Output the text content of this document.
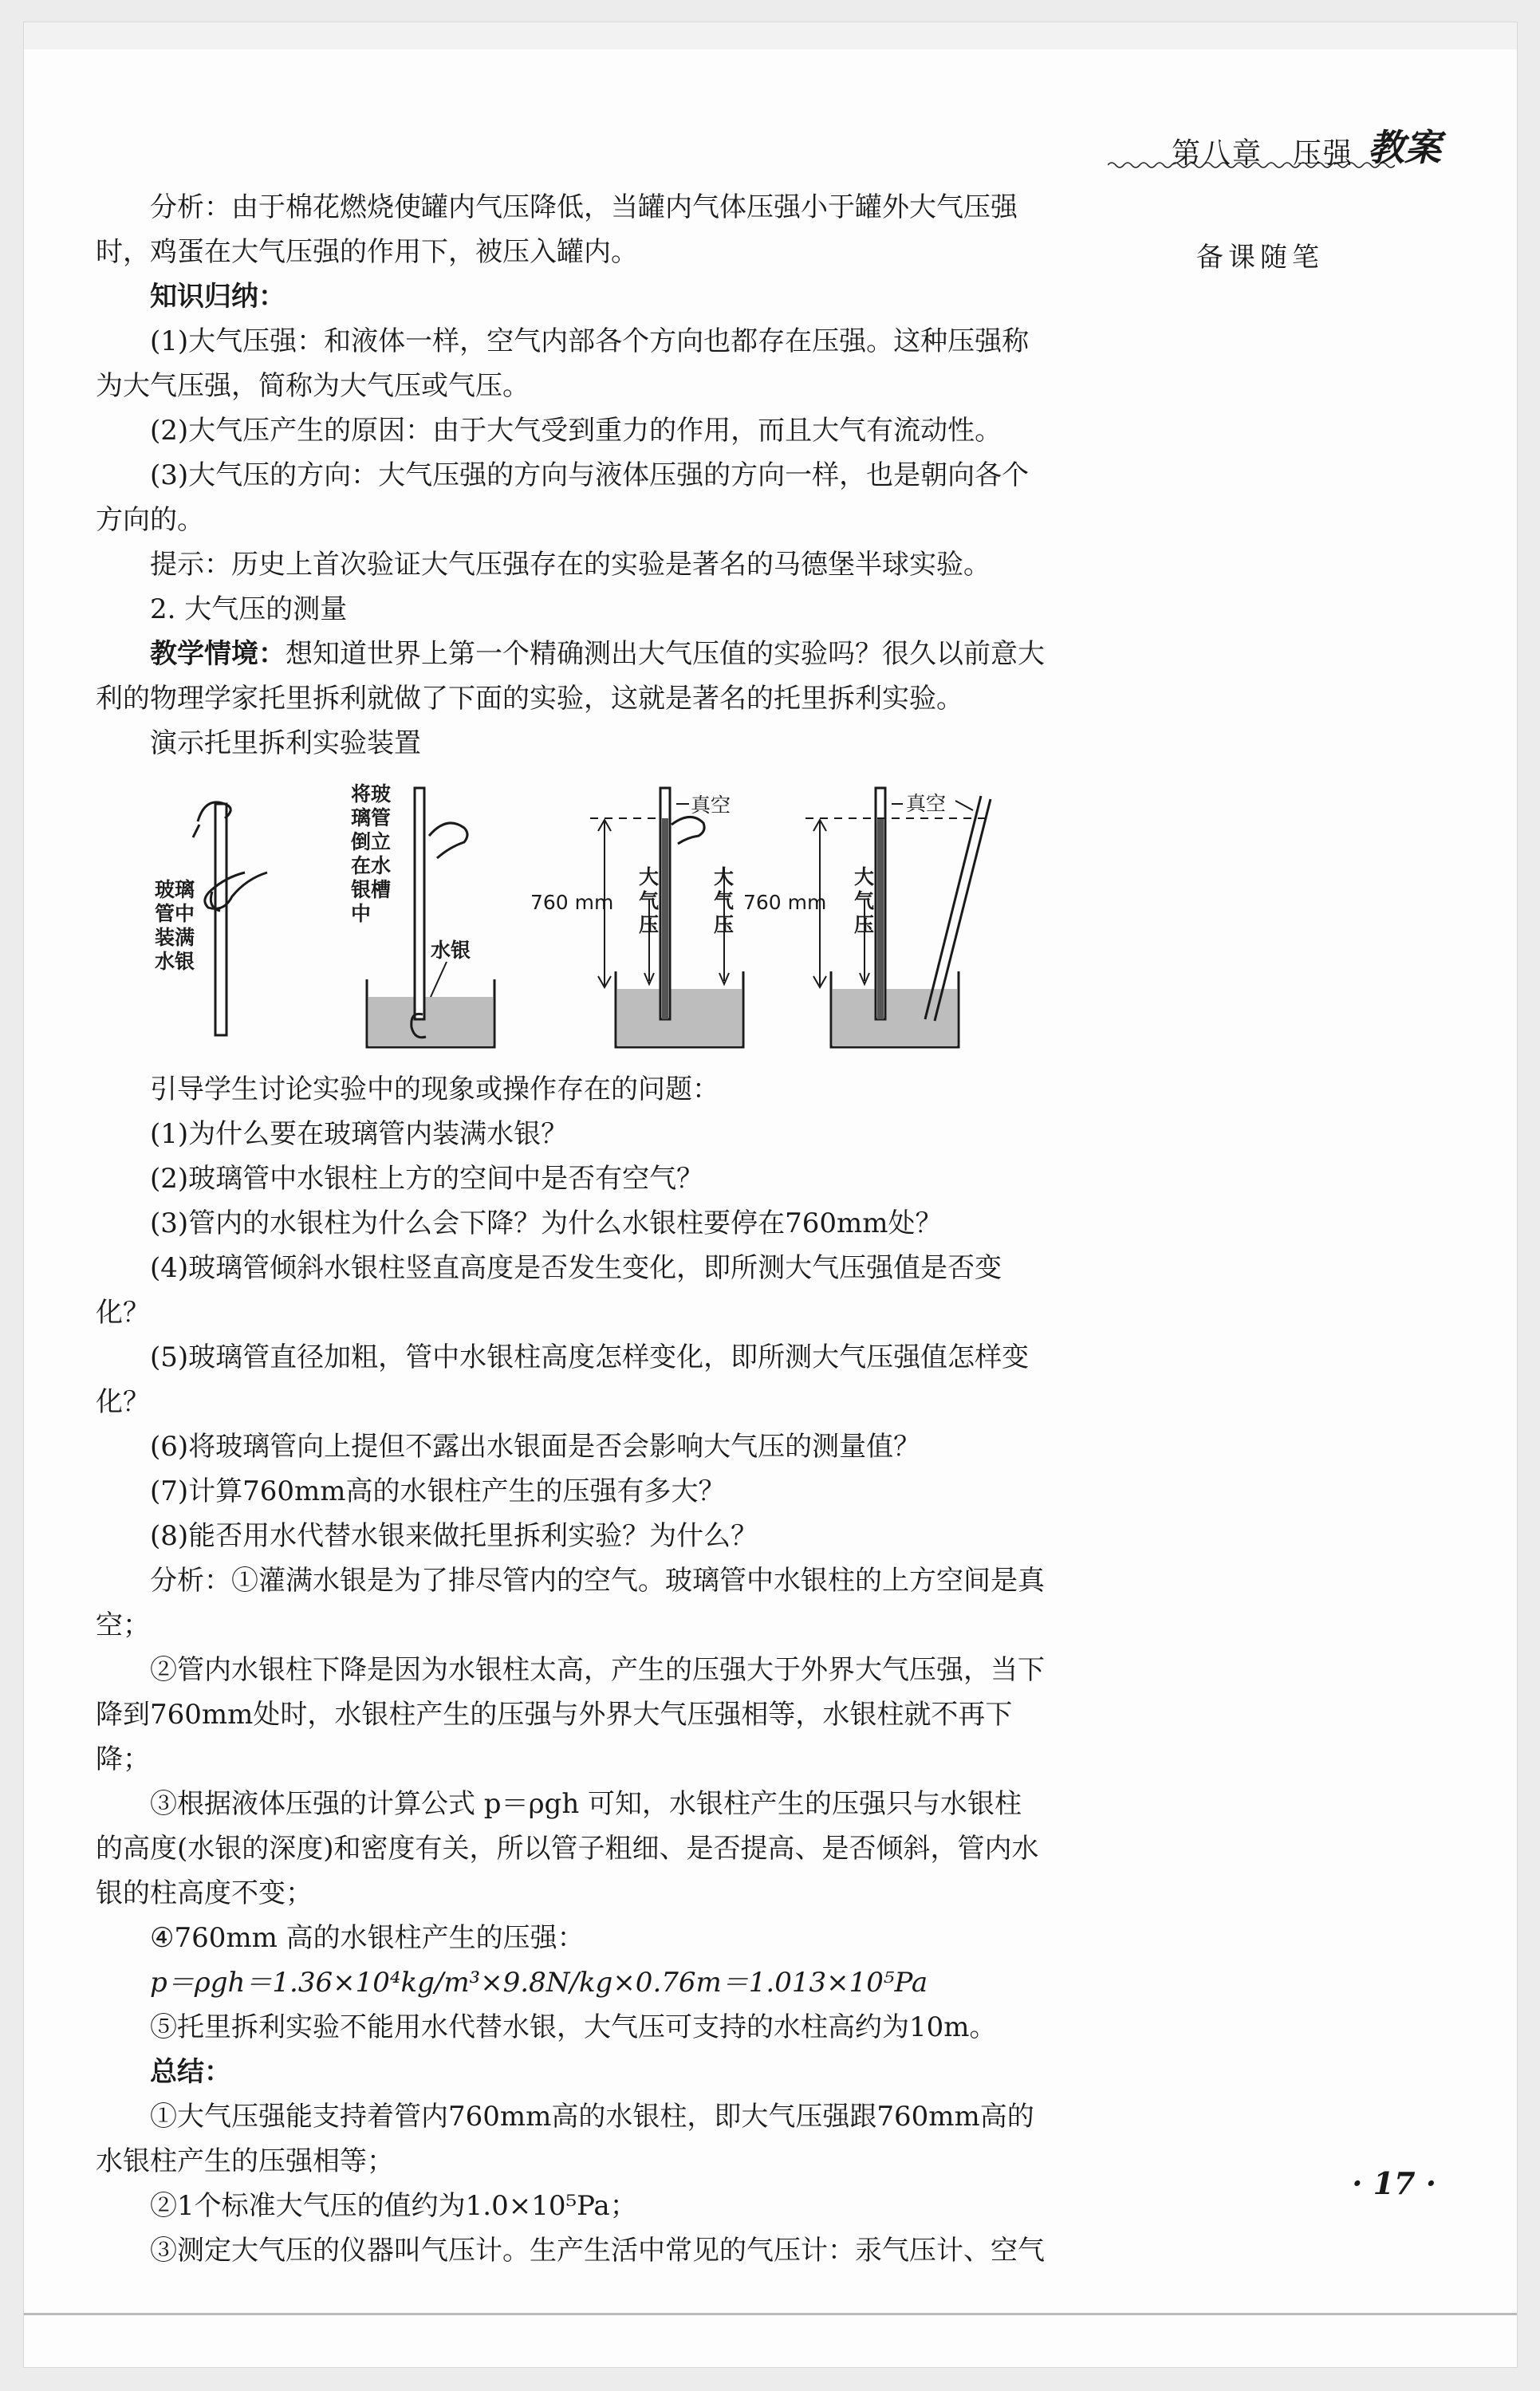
第八章　压强 教案
备课随笔

分析：由于棉花燃烧使罐内气压降低，当罐内气体压强小于罐外大气压强时，鸡蛋在大气压强的作用下，被压入罐内。

知识归纳：

(1)大气压强：和液体一样，空气内部各个方向也都存在压强。这种压强称为大气压强，简称为大气压或气压。

(2)大气压产生的原因：由于大气受到重力的作用，而且大气有流动性。

(3)大气压的方向：大气压强的方向与液体压强的方向一样，也是朝向各个方向的。

提示：历史上首次验证大气压强存在的实验是著名的马德堡半球实验。

2. 大气压的测量

教学情境：想知道世界上第一个精确测出大气压值的实验吗？很久以前意大利的物理学家托里拆利就做了下面的实验，这就是著名的托里拆利实验。

演示托里拆利实验装置

玻璃
管中
装满
水银
将玻
璃管
倒立
在水
银槽
中
水银
真空
760 mm
大
气
压
大
气
压
真空
760 mm
大
气
压

引导学生讨论实验中的现象或操作存在的问题：

(1)为什么要在玻璃管内装满水银？

(2)玻璃管中水银柱上方的空间中是否有空气？

(3)管内的水银柱为什么会下降？为什么水银柱要停在760mm处？

(4)玻璃管倾斜水银柱竖直高度是否发生变化，即所测大气压强值是否变化？

(5)玻璃管直径加粗，管中水银柱高度怎样变化，即所测大气压强值怎样变化？

(6)将玻璃管向上提但不露出水银面是否会影响大气压的测量值？

(7)计算760mm高的水银柱产生的压强有多大？

(8)能否用水代替水银来做托里拆利实验？为什么？

分析：①灌满水银是为了排尽管内的空气。玻璃管中水银柱的上方空间是真空；

②管内水银柱下降是因为水银柱太高，产生的压强大于外界大气压强，当下降到760mm处时，水银柱产生的压强与外界大气压强相等，水银柱就不再下降；

③根据液体压强的计算公式 p＝ρgh 可知，水银柱产生的压强只与水银柱的高度(水银的深度)和密度有关，所以管子粗细、是否提高、是否倾斜，管内水银的柱高度不变；

④760mm 高的水银柱产生的压强：

p＝ρgh＝1.36×10⁴kg/m³×9.8N/kg×0.76m＝1.013×10⁵Pa

⑤托里拆利实验不能用水代替水银，大气压可支持的水柱高约为10m。

总结：

①大气压强能支持着管内760mm高的水银柱，即大气压强跟760mm高的水银柱产生的压强相等；

②1个标准大气压的值约为1.0×10⁵Pa；

③测定大气压的仪器叫气压计。生产生活中常见的气压计：汞气压计、空气

· 17 ·
